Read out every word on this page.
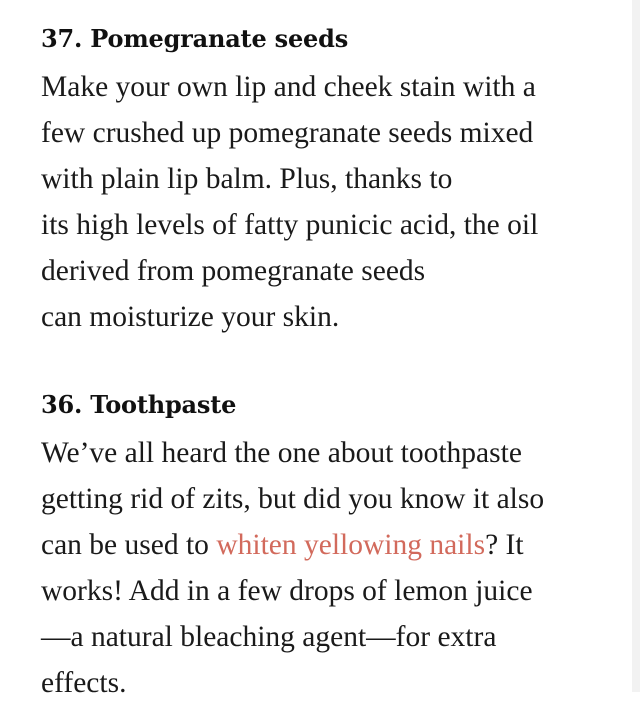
37. Pomegranate seeds

Make your own lip and cheek stain with a
few crushed up pomegranate seeds mixed
with plain lip balm. Plus, thanks to
its high levels of fatty punicic acid, the oil
derived from pomegranate seeds
can moisturize your skin.

36. Toothpaste

We’ve all heard the one about toothpaste
getting rid of zits, but did you know it also
can be used to whiten yellowing nails? It
works! Add in a few drops of lemon juice
—a natural bleaching agent—for extra
effects.
